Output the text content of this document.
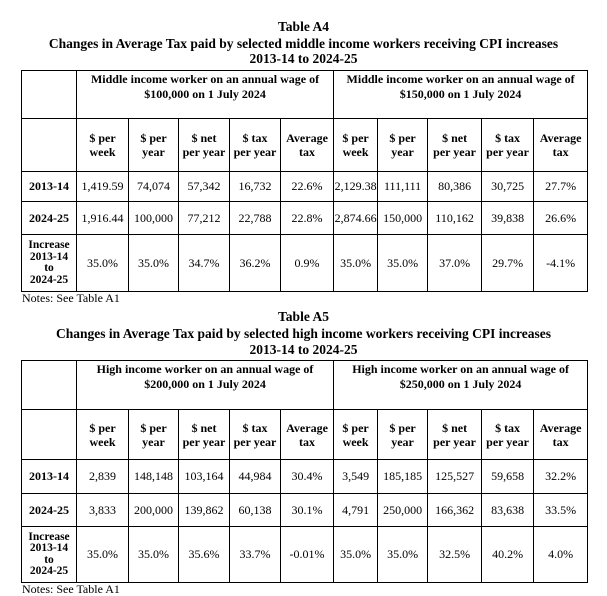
Table A4
Changes in Average Tax paid by selected middle income workers receiving CPI increases
2013-14 to 2024-25
	Middle income worker on an annual wage of
$100,000 on 1 July 2024					Middle income worker on an annual wage of
$150,000 on 1 July 2024				
	$ per
week	$ per
year	$ net
per year	$ tax
per year	Average
tax	$ per
week	$ per
year	$ net
per year	$ tax
per year	Average
tax
2013-14	1,419.59	74,074	57,342	16,732	22.6%	2,129.38	111,111	80,386	30,725	27.7%
2024-25	1,916.44	100,000	77,212	22,788	22.8%	2,874.66	150,000	110,162	39,838	26.6%
Increase
2013-14
to
2024-25	35.0%	35.0%	34.7%	36.2%	0.9%	35.0%	35.0%	37.0%	29.7%	-4.1%
Notes: See Table A1
Table A5
Changes in Average Tax paid by selected high income workers receiving CPI increases
2013-14 to 2024-25
	High income worker on an annual wage of
$200,000 on 1 July 2024					High income worker on an annual wage of
$250,000 on 1 July 2024				
	$ per
week	$ per
year	$ net
per year	$ tax
per year	Average
tax	$ per
week	$ per
year	$ net
per year	$ tax
per year	Average
tax
2013-14	2,839	148,148	103,164	44,984	30.4%	3,549	185,185	125,527	59,658	32.2%
2024-25	3,833	200,000	139,862	60,138	30.1%	4,791	250,000	166,362	83,638	33.5%
Increase
2013-14
to
2024-25	35.0%	35.0%	35.6%	33.7%	-0.01%	35.0%	35.0%	32.5%	40.2%	4.0%
Notes: See Table A1
